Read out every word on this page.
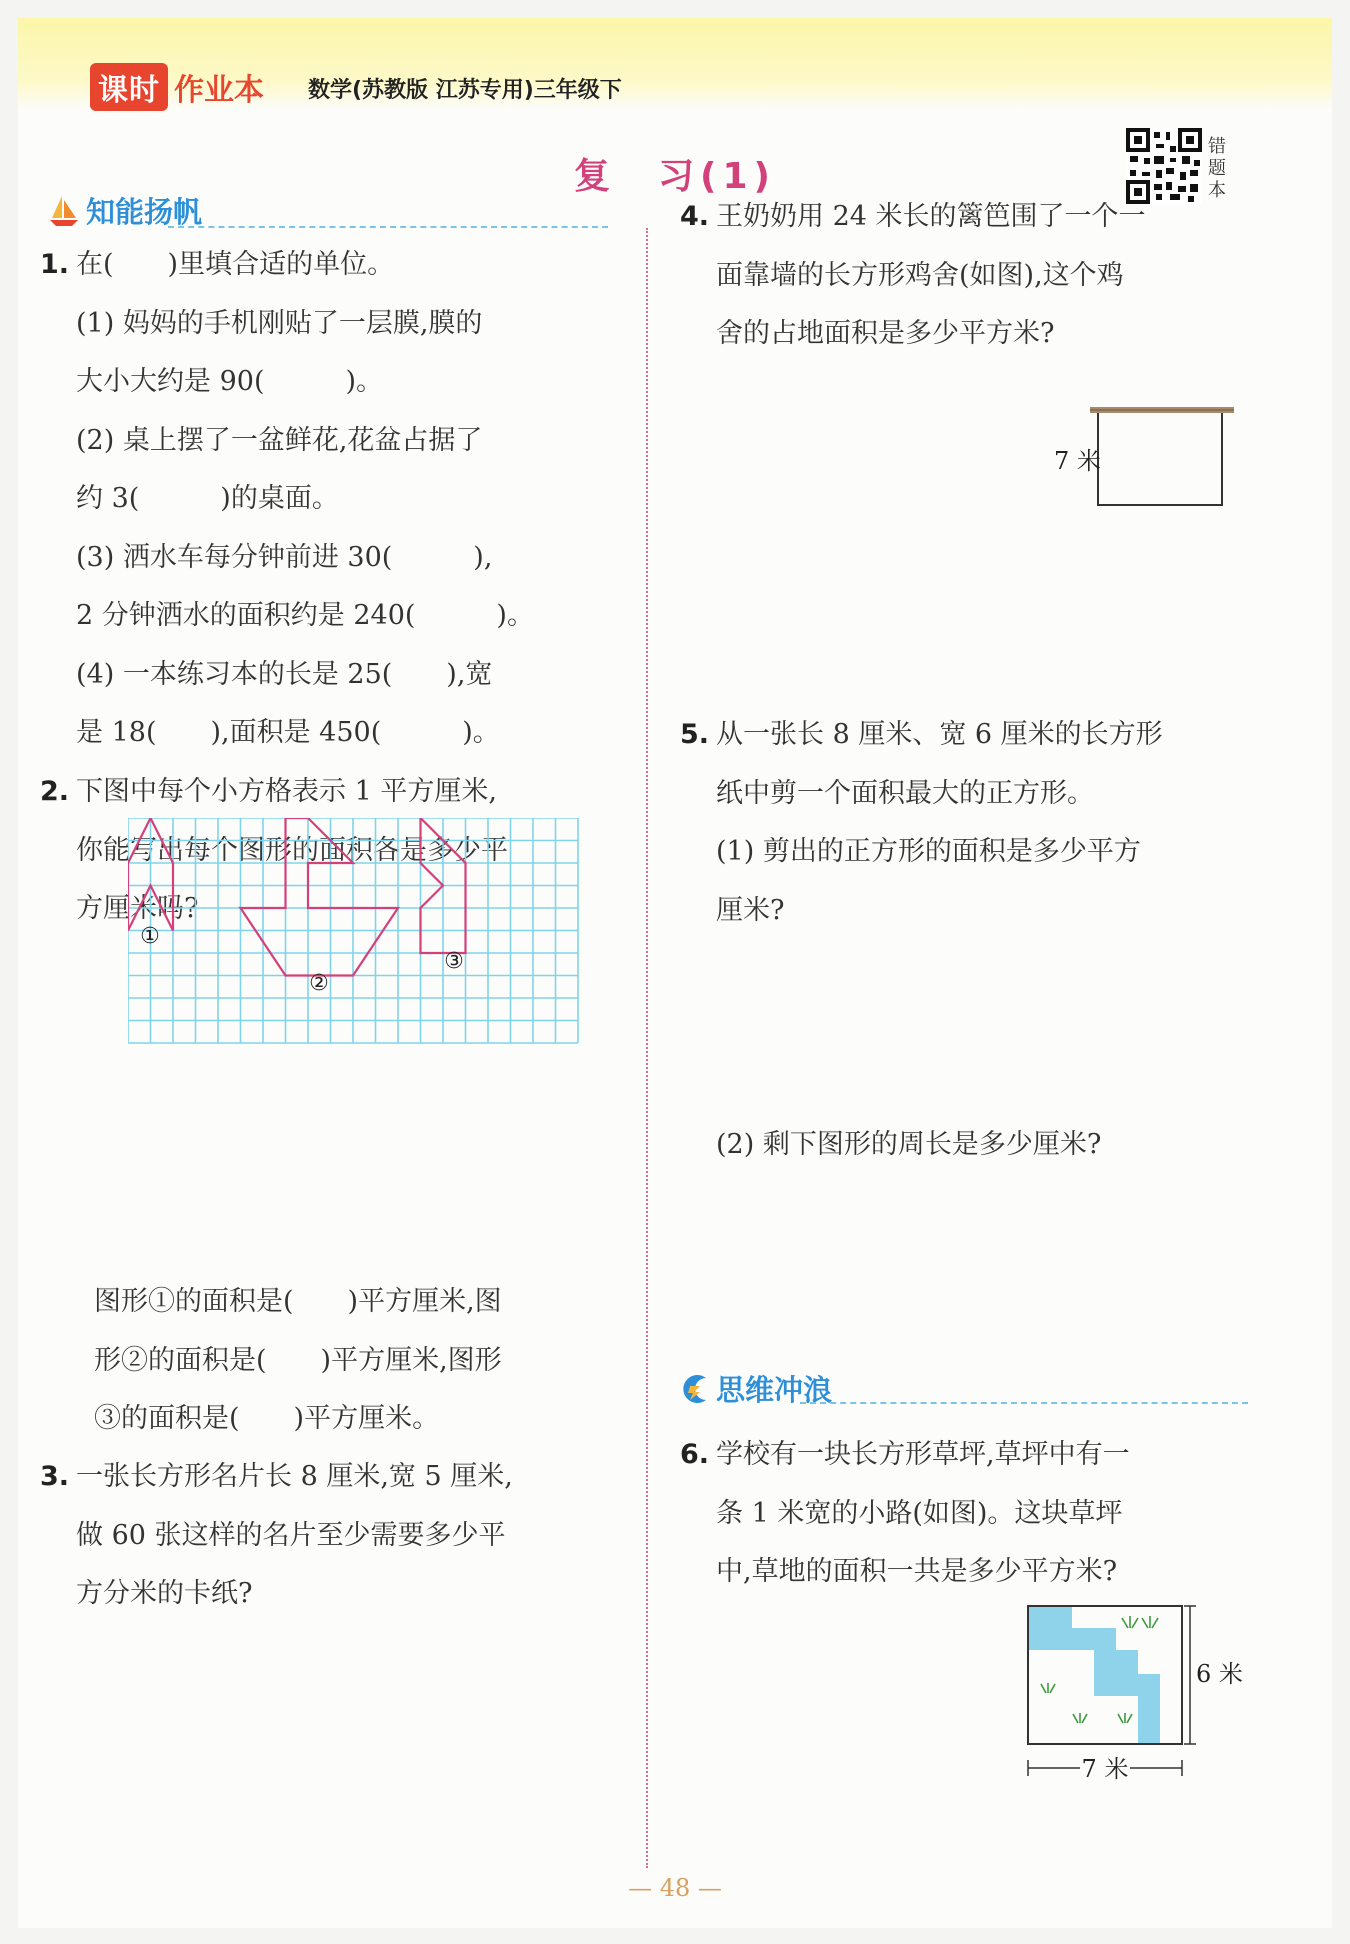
课时 作业本 数学(苏教版 江苏专用)三年级下
复　习(1)
错题本
知能扬帆
1. 在(　　)里填合适的单位。
(1) 妈妈的手机刚贴了一层膜,膜的
大小大约是 90(　　　)。
(2) 桌上摆了一盆鲜花,花盆占据了
约 3(　　　)的桌面。
(3) 洒水车每分钟前进 30(　　　),
2 分钟洒水的面积约是 240(　　　)。
(4) 一本练习本的长是 25(　　),宽
是 18(　　),面积是 450(　　　)。
2. 下图中每个小方格表示 1 平方厘米,
你能写出每个图形的面积各是多少平
方厘米吗?
①
②
③
图形①的面积是(　　)平方厘米,图
形②的面积是(　　)平方厘米,图形
③的面积是(　　)平方厘米。
3. 一张长方形名片长 8 厘米,宽 5 厘米,
做 60 张这样的名片至少需要多少平
方分米的卡纸?
4. 王奶奶用 24 米长的篱笆围了一个一
面靠墙的长方形鸡舍(如图),这个鸡
舍的占地面积是多少平方米?
7 米
5. 从一张长 8 厘米、宽 6 厘米的长方形
纸中剪一个面积最大的正方形。
(1) 剪出的正方形的面积是多少平方
厘米?
(2) 剩下图形的周长是多少厘米?
思维冲浪
6. 学校有一块长方形草坪,草坪中有一
条 1 米宽的小路(如图)。这块草坪
中,草地的面积一共是多少平方米?
6 米
7 米
— 48 —
